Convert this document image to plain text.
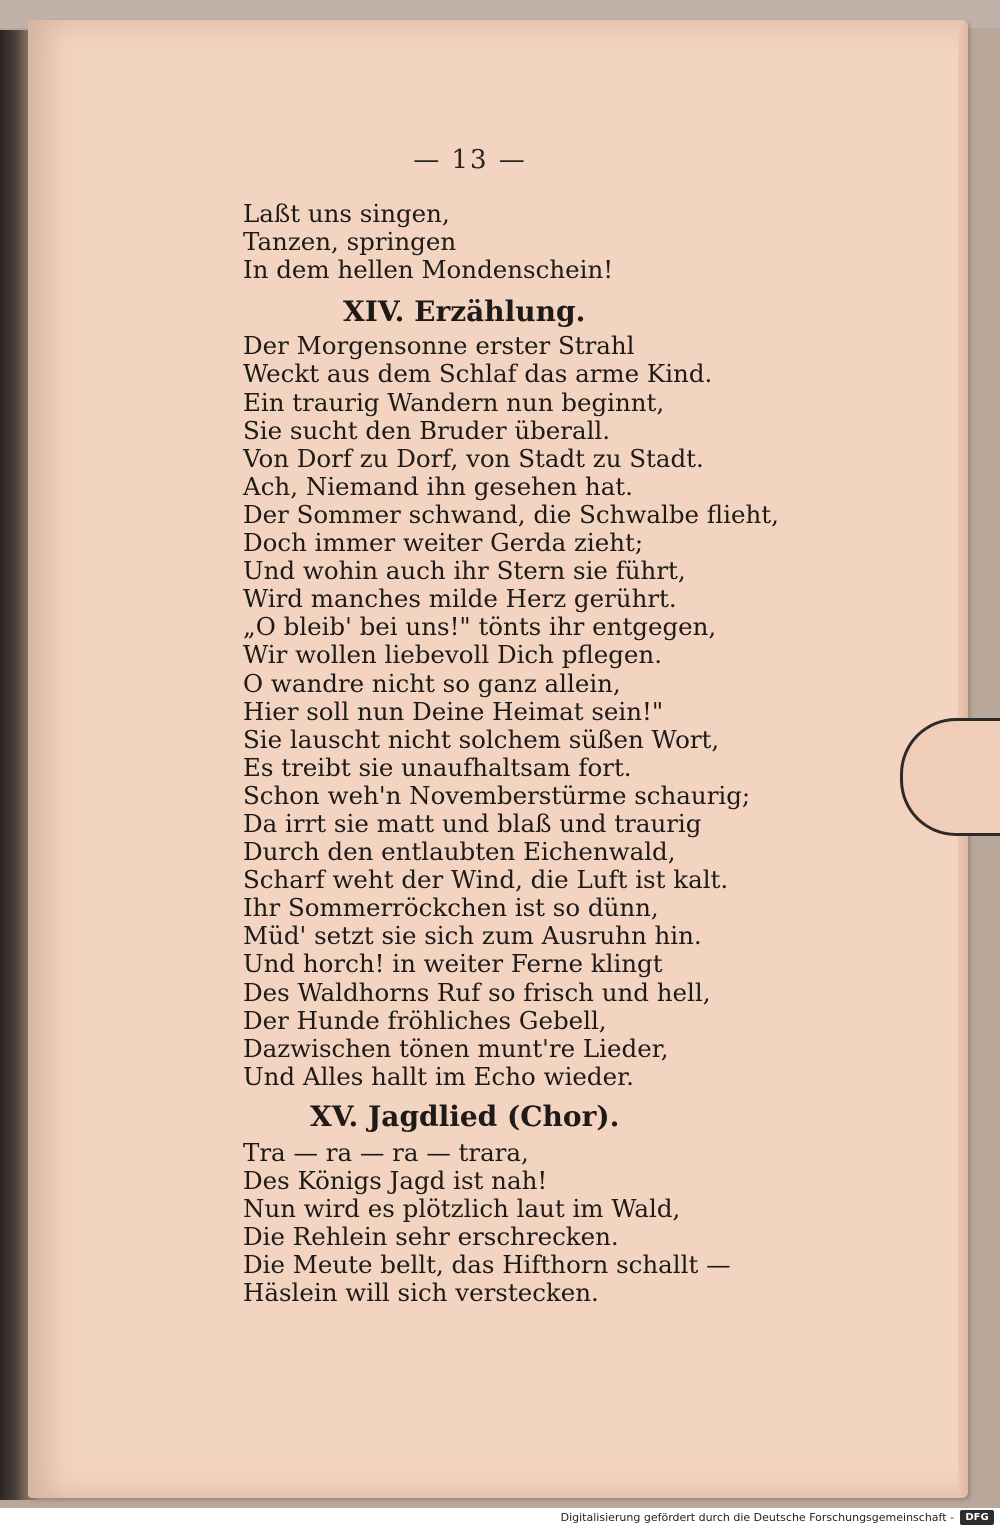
— 13 —
Laßt uns singen,
Tanzen, springen
In dem hellen Mondenschein!
XIV. Erzählung.
Der Morgensonne erster Strahl
Weckt aus dem Schlaf das arme Kind.
Ein traurig Wandern nun beginnt,
Sie sucht den Bruder überall.
Von Dorf zu Dorf, von Stadt zu Stadt.
Ach, Niemand ihn gesehen hat.
Der Sommer schwand, die Schwalbe flieht,
Doch immer weiter Gerda zieht;
Und wohin auch ihr Stern sie führt,
Wird manches milde Herz gerührt.
„O bleib' bei uns!" tönts ihr entgegen,
Wir wollen liebevoll Dich pflegen.
O wandre nicht so ganz allein,
Hier soll nun Deine Heimat sein!"
Sie lauscht nicht solchem süßen Wort,
Es treibt sie unaufhaltsam fort.
Schon weh'n Novemberstürme schaurig;
Da irrt sie matt und blaß und traurig
Durch den entlaubten Eichenwald,
Scharf weht der Wind, die Luft ist kalt.
Ihr Sommerröckchen ist so dünn,
Müd' setzt sie sich zum Ausruhn hin.
Und horch! in weiter Ferne klingt
Des Waldhorns Ruf so frisch und hell,
Der Hunde fröhliches Gebell,
Dazwischen tönen munt're Lieder,
Und Alles hallt im Echo wieder.
XV. Jagdlied (Chor).
Tra — ra — ra — trara,
Des Königs Jagd ist nah!
Nun wird es plötzlich laut im Wald,
Die Rehlein sehr erschrecken.
Die Meute bellt, das Hifthorn schallt —
Häslein will sich verstecken.
Digitalisierung gefördert durch die Deutsche Forschungsgemeinschaft -	DFG
